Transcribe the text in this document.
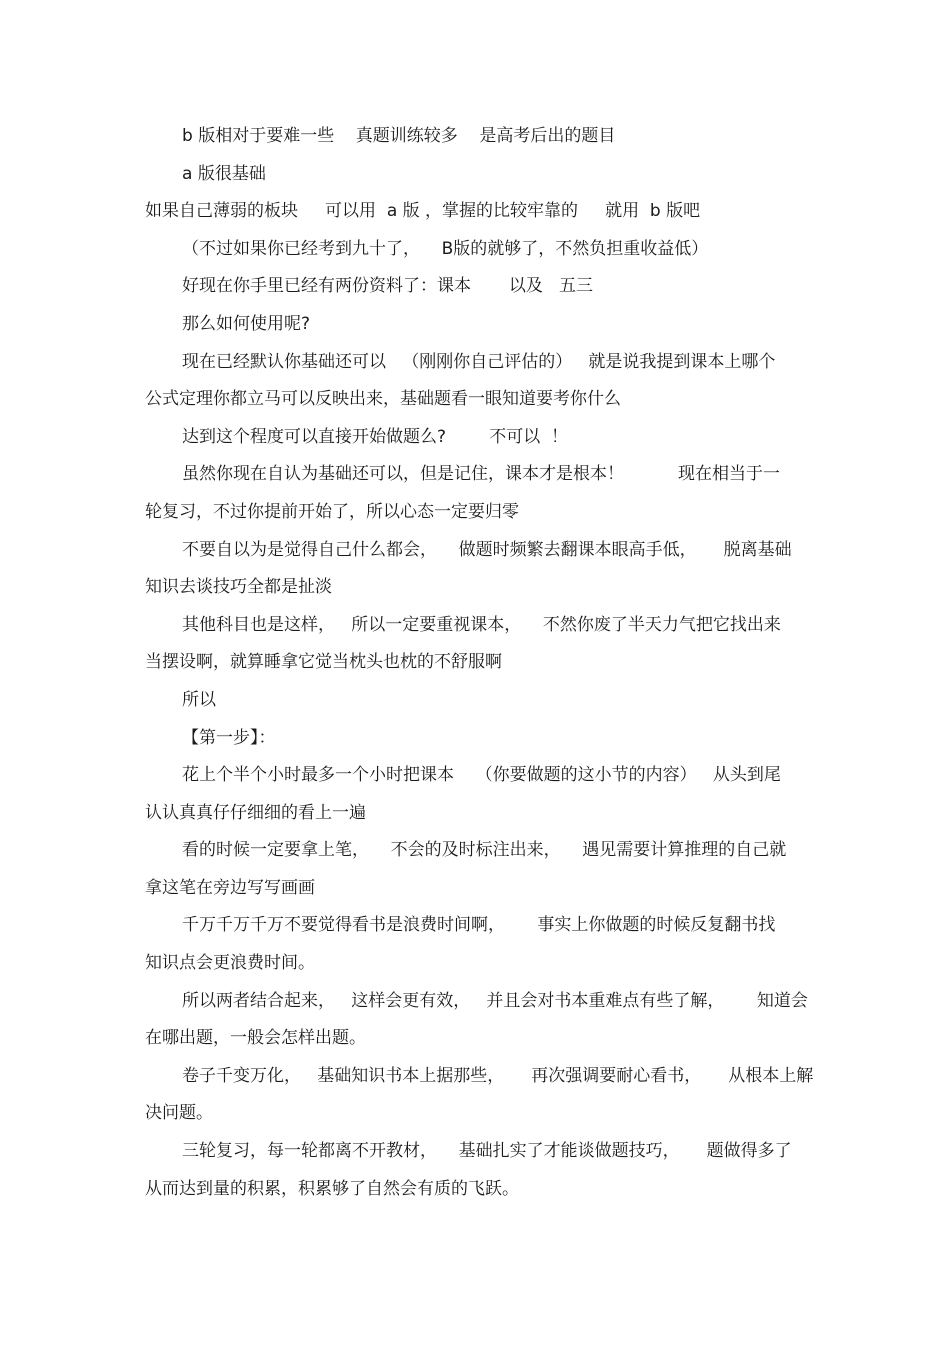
b 版相对于要难一些    真题训练较多    是高考后出的题目
a 版很基础
如果自己薄弱的板块     可以用  a 版 ，掌握的比较牢靠的     就用  b 版吧
（不过如果你已经考到九十了，    B版的就够了，不然负担重收益低）
好现在你手里已经有两份资料了：课本       以及   五三
那么如何使用呢?
现在已经默认你基础还可以   （刚刚你自己评估的）   就是说我提到课本上哪个
公式定理你都立马可以反映出来，基础题看一眼知道要考你什么
达到这个程度可以直接开始做题么?        不可以  ！
虽然你现在自认为基础还可以，但是记住，课本才是根本！          现在相当于一
轮复习，不过你提前开始了，所以心态一定要归零
不要自以为是觉得自己什么都会，    做题时频繁去翻课本眼高手低，     脱离基础
知识去谈技巧全都是扯淡
其他科目也是这样，   所以一定要重视课本，    不然你废了半天力气把它找出来
当摆设啊，就算睡拿它觉当枕头也枕的不舒服啊
所以
【第一步】：
花上个半个小时最多一个小时把课本    （你要做题的这小节的内容）   从头到尾
认认真真仔仔细细的看上一遍
看的时候一定要拿上笔，    不会的及时标注出来，    遇见需要计算推理的自己就
拿这笔在旁边写写画画
千万千万千万不要觉得看书是浪费时间啊，      事实上你做题的时候反复翻书找
知识点会更浪费时间。
所以两者结合起来，   这样会更有效，   并且会对书本重难点有些了解，      知道会
在哪出题，一般会怎样出题。
卷子千变万化，   基础知识书本上据那些，     再次强调要耐心看书，     从根本上解
决问题。
三轮复习，每一轮都离不开教材，    基础扎实了才能谈做题技巧，     题做得多了
从而达到量的积累，积累够了自然会有质的飞跃。
